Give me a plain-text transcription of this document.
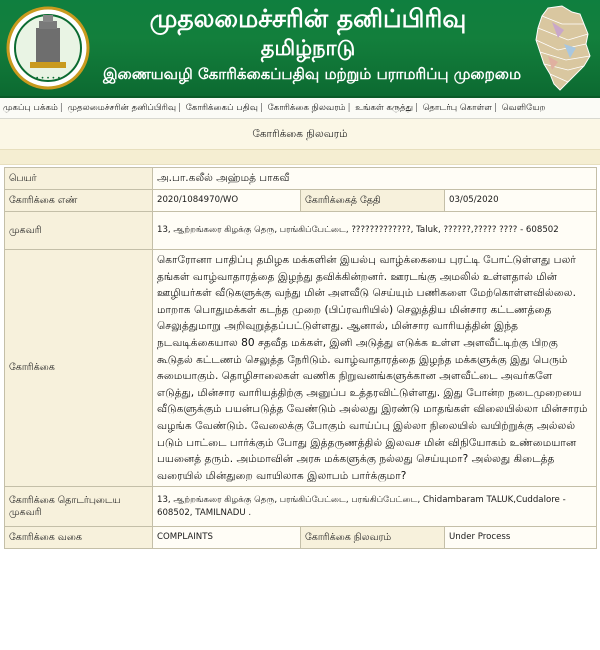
• • • • •
முதலமைச்சரின் தனிப்பிரிவு
தமிழ்நாடு
இணையவழி கோரிக்கைப்பதிவு மற்றும் பராமரிப்பு முறைமை
முகப்பு பக்கம் | முதலமைச்சரின் தனிப்பிரிவு | கோரிக்கைப் பதிவு | கோரிக்கை நிலவரம் | உங்கள் கருத்து | தொடர்பு கொள்ள | வெளியேற
கோரிக்கை நிலவரம்
பெயர்	அ.பா.கலீல் அஹ்மத் பாகவீ		
கோரிக்கை எண்	2020/1084970/WO	கோரிக்கைத் தேதி	03/05/2020
முகவரி	13, ஆற்றங்கரை கிழக்கு தெரு, பரங்கிப்பேட்டை, ?????????????, Taluk, ??????,????? ???? - 608502		
கோரிக்கை	கொரோனா பாதிப்பு தமிழக மக்களின் இயல்பு வாழ்க்கையை புரட்டி போட்டுள்ளது பலர் தங்கள் வாழ்வாதாரத்தை இழந்து தவிக்கின்றனர். ஊரடங்கு அமலில் உள்ளதால் மின் ஊழியர்கள் வீடுகளுக்கு வந்து மின் அளவீடு செய்யும் பணிகளை மேற்கொள்ளவில்லை. மாறாக பொதுமக்கள் கடந்த முறை (பிப்ரவரியில்) செலுத்திய மின்சார கட்டணத்தை செலுத்துமாறு அறிவுறுத்தப்பட்டுள்ளது. ஆனால், மின்சார வாரியத்தின் இந்த நடவடிக்கையால 80 சதவீத மக்கள், இனி அடுத்து எடுக்க உள்ள அளவீட்டிற்கு பிறகு கூடுதல் கட்டணம் செலுத்த நேரிடும். வாழ்வாதாரத்தை இழந்த மக்களுக்கு இது பெரும் சுமையாகும். தொழிசாலைகள் வணிக நிறுவனங்களுக்கான அளவீட்டை அவர்களே எடுத்து, மின்சார வாரியத்திற்கு அனுப்ப உத்தரவிட்டுள்ளது. இது போன்ற நடைமுறையை வீடுகளுக்கும் பயன்படுத்த வேண்டும் அல்லது இரண்டு மாதங்கள் விலையில்லா மின்சாரம் வழங்க வேண்டும். வேலைக்கு போகும் வாய்ப்பு இல்லா நிலையில் வயிற்றுக்கு அல்லல் படும் பாட்டை பார்க்கும் போது இத்தருணத்தில் இலவச மின் விநியோகம் உண்மையான பயனைத் தரும். அம்மாவின் அரசு மக்களுக்கு நல்லது செய்யுமா? அல்லது கிடைத்த வரையில் மின்துறை வாயிலாக இலாபம் பார்க்குமா?		
கோரிக்கை தொடர்புடைய முகவரி	13, ஆற்றங்கரை கிழக்கு தெரு, பரங்கிப்பேட்டை, பரங்கிப்பேட்டை, Chidambaram TALUK,Cuddalore - 608502, TAMILNADU .		
கோரிக்கை வகை	COMPLAINTS	கோரிக்கை நிலவரம்	Under Process
